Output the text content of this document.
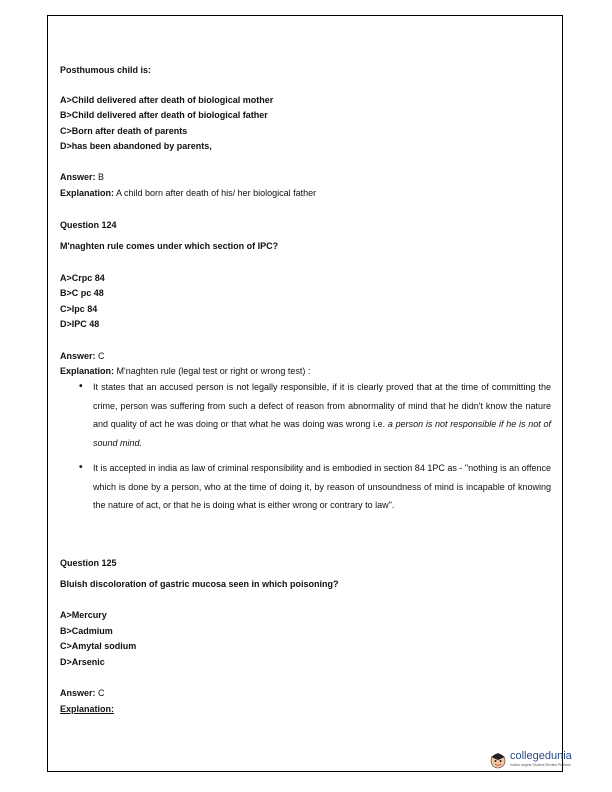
Posthumous child is:
A>Child delivered after death of biological mother
B>Child delivered after death of biological father
C>Born after death of parents
D>has been abandoned by parents,
Answer: B
Explanation: A child born after death of his/ her biological father
Question 124
M'naghten rule comes under which section of IPC?
A>Crpc 84
B>C pc 48
C>Ipc 84
D>IPC 48
Answer: C
Explanation: M'naghten rule (legal test or right or wrong test) :
• It states that an accused person is not legally responsible, if it is clearly proved that at the time of committing the crime, person was suffering from such a defect of reason from abnormality of mind that he didn't know the nature and quality of act he was doing or that what he was doing was wrong i.e. a person is not responsible if he is not of sound mind.
• It is accepted in india as law of criminal responsibility and is embodied in section 84 1PC as - "nothing is an offence which is done by a person, who at the time of doing it, by reason of unsoundness of mind is incapable of knowing the nature of act, or that he is doing what is either wrong or contrary to law".
Question 125
Bluish discoloration of gastric mucosa seen in which poisoning?
A>Mercury
B>Cadmium
C>Amytal sodium
D>Arsenic
Answer: C
Explanation:
collegedunia
India's largest Student Review Platform
